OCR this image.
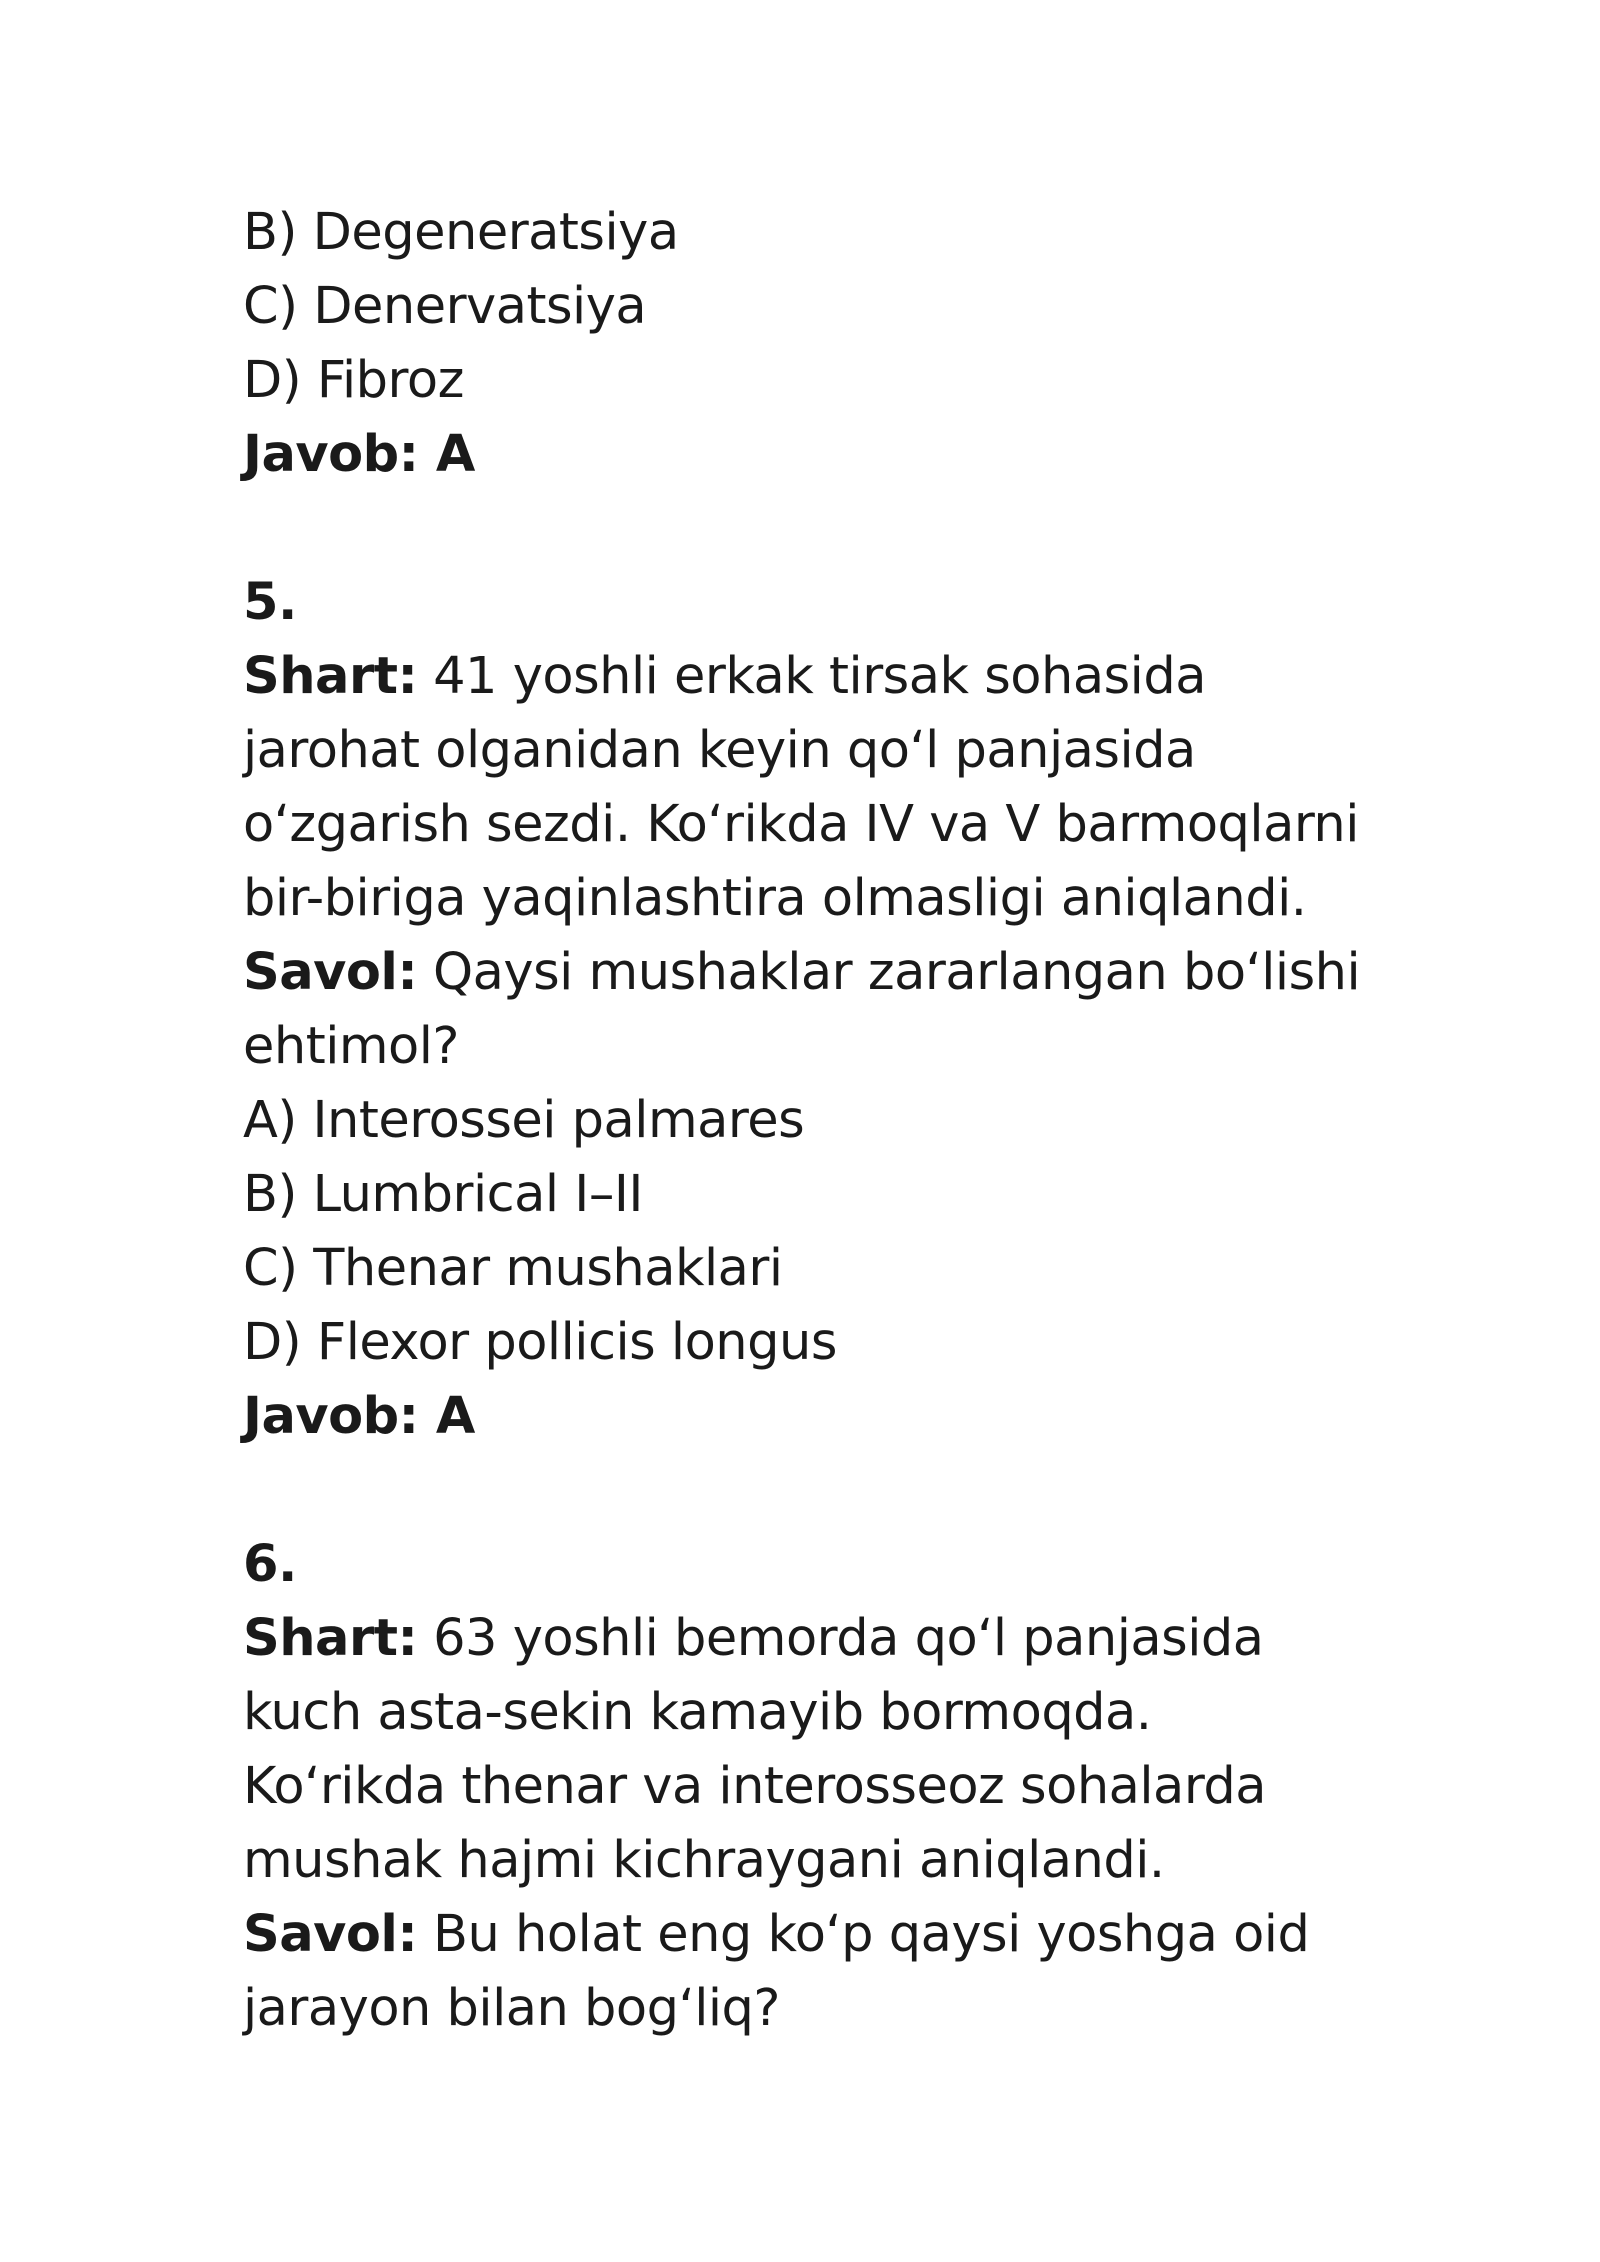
B) Degeneratsiya
C) Denervatsiya
D) Fibroz
Javob: A
5.
Shart: 41 yoshli erkak tirsak sohasida
jarohat olganidan keyin qo‘l panjasida
o‘zgarish sezdi. Ko‘rikda IV va V barmoqlarni
bir-biriga yaqinlashtira olmasligi aniqlandi.
Savol: Qaysi mushaklar zararlangan bo‘lishi
ehtimol?
A) Interossei palmares
B) Lumbrical I–II
C) Thenar mushaklari
D) Flexor pollicis longus
Javob: A
6.
Shart: 63 yoshli bemorda qo‘l panjasida
kuch asta-sekin kamayib bormoqda.
Ko‘rikda thenar va interosseoz sohalarda
mushak hajmi kichraygani aniqlandi.
Savol: Bu holat eng ko‘p qaysi yoshga oid
jarayon bilan bog‘liq?
